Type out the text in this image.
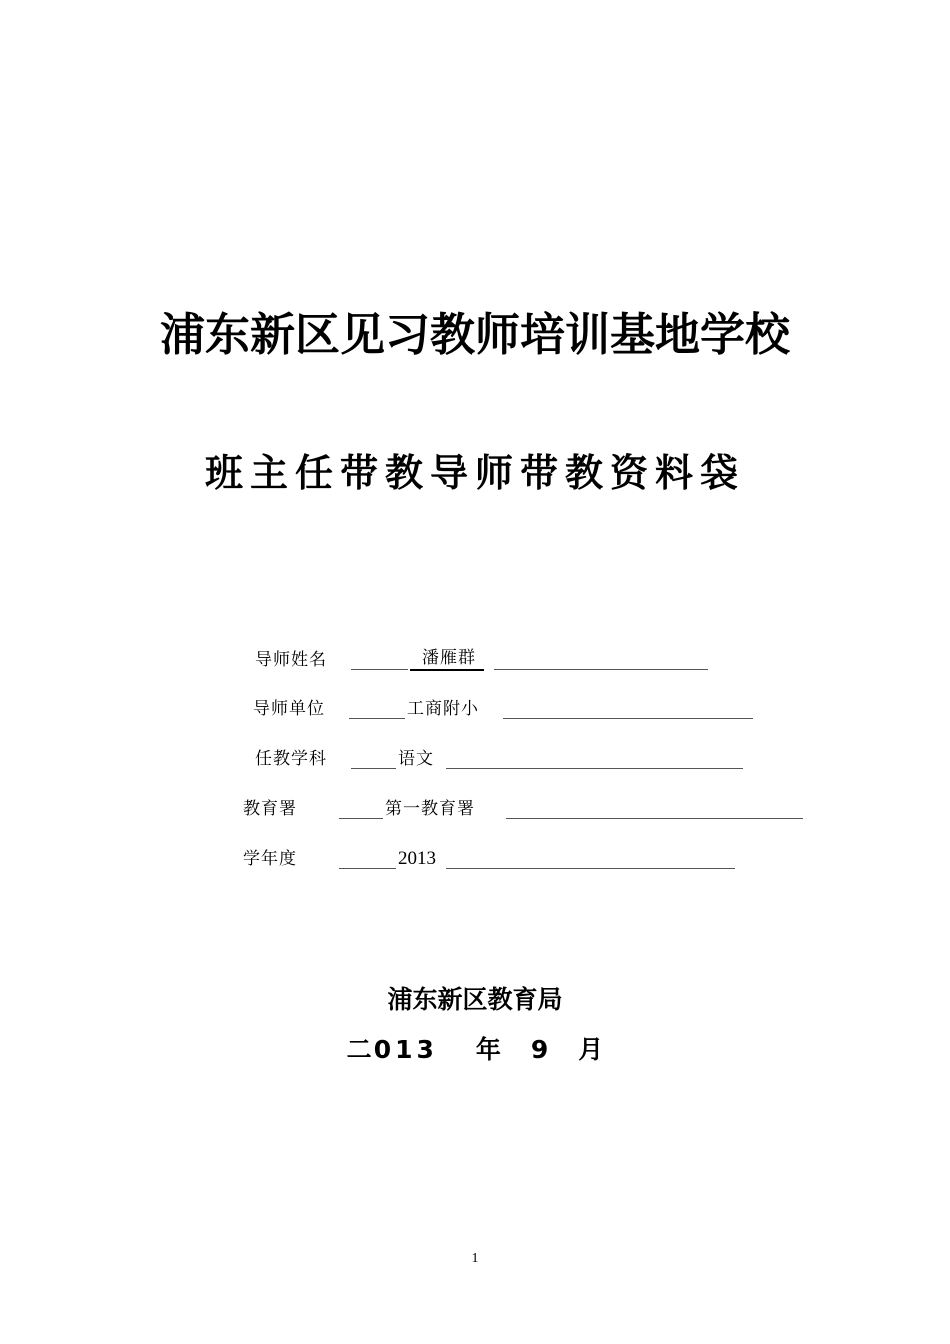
浦东新区见习教师培训基地学校
班主任带教导师带教资料袋
导师姓名	潘雁群
导师单位	工商附小
任教学科	语文
教育署	第一教育署
学年度	2013
浦东新区教育局
二013 年 9 月
1
